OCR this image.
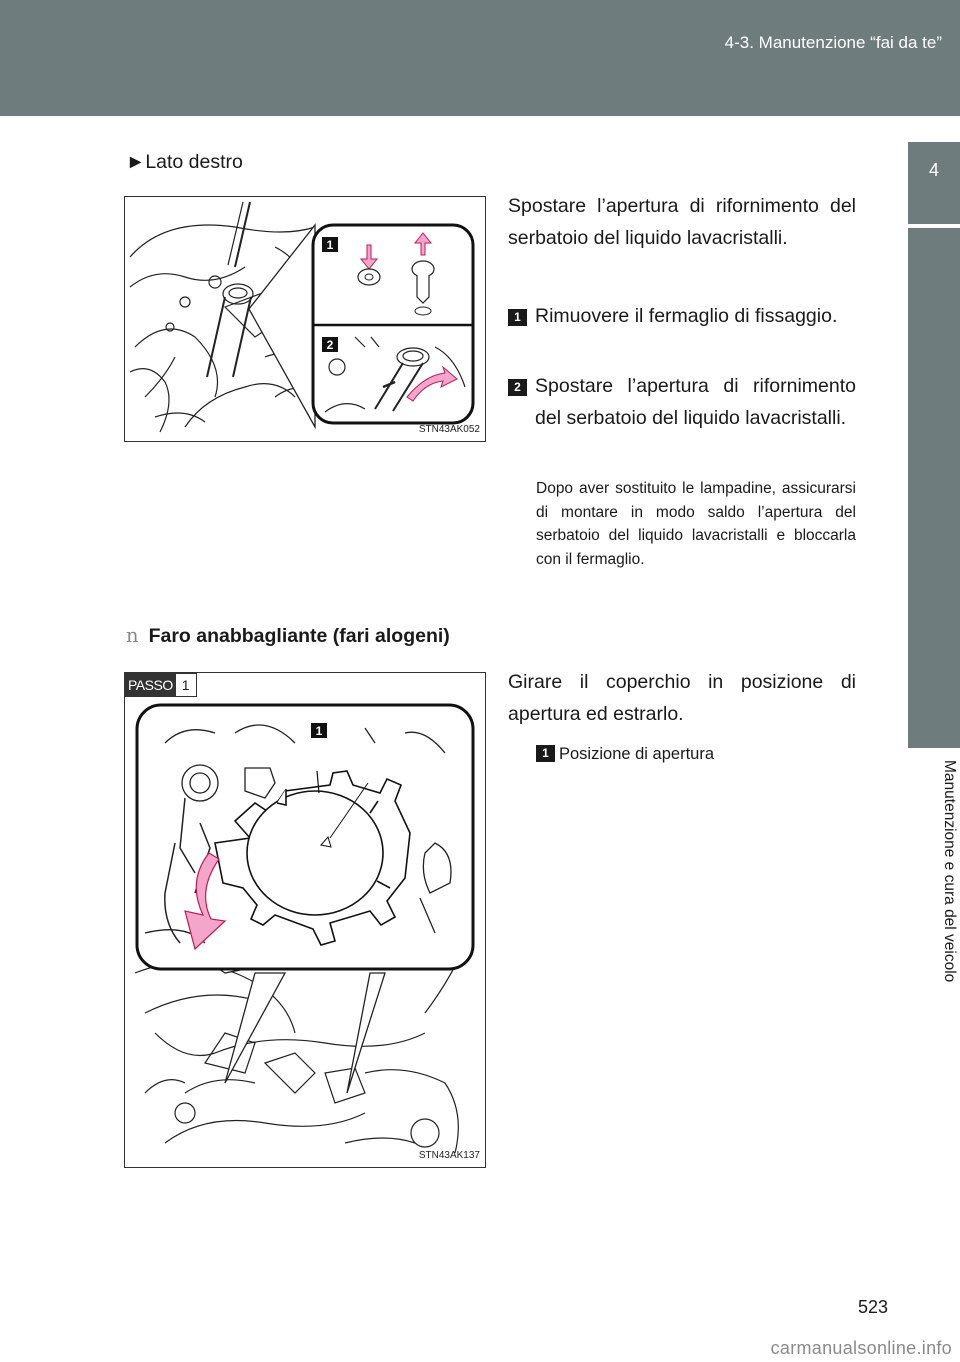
4-3. Manutenzione “fai da te”
4
Manutenzione e cura del veicolo
►Lato destro
1
2
STN43AK052
Spostare l’apertura di rifornimento del serbatoio del liquido lavacristalli.
1 Rimuovere il fermaglio di fissaggio.
2 Spostare l’apertura di rifornimento del serbatoio del liquido lavacristalli.
Dopo aver sostituito le lampadine, assicurarsi di montare in modo saldo l’apertura del serbatoio del liquido lavacristalli e bloccarla con il fermaglio.
n Faro anabbagliante (fari alogeni)
1
STN43AK137
PASSO 1	Girare il coperchio in posizione di apertura ed estrarlo.
1 Posizione di apertura
523
carmanualsonline.info
